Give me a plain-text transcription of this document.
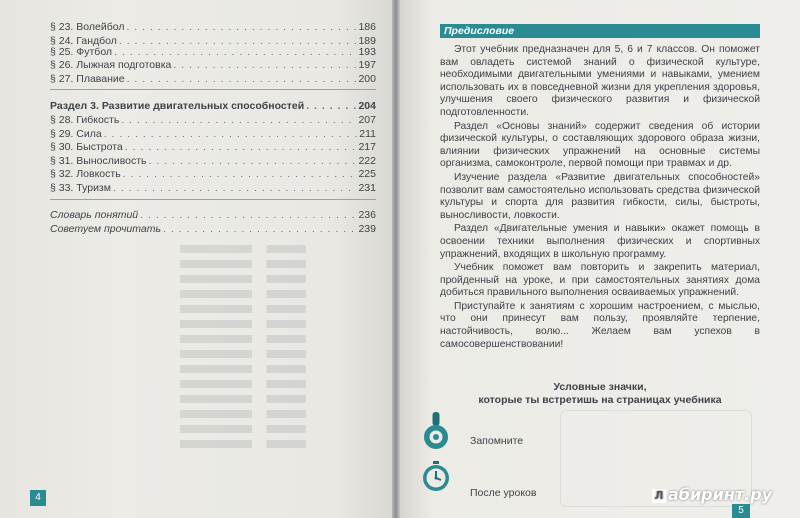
§ 23. Волейбол . . .	186
§ 24. Гандбол . . .	189
§ 25. Футбол . . .	193
§ 26. Лыжная подготовка . . .	197
§ 27. Плавание . . .	200
Раздел 3. Развитие двигательных способностей . . .	204
§ 28. Гибкость . . .	207
§ 29. Сила . . .	211
§ 30. Быстрота . . .	217
§ 31. Выносливость . . .	222
§ 32. Ловкость . . .	225
§ 33. Туризм . . .	231
Словарь понятий . . .	236
Советуем прочитать . . .	239
4
Предисловие

Этот учебник предназначен для 5, 6 и 7 классов. Он поможет вам овладеть системой знаний о физической культуре, необходимыми двигательными умениями и навыками, умением использовать их в повседневной жизни для укрепления здоровья, улучшения своего физического развития и физической подготовленности.

Раздел «Основы знаний» содержит сведения об истории физической культуры, о составляющих здорового образа жизни, влиянии физических упражнений на основные системы организма, самоконтроле, первой помощи при травмах и др.

Изучение раздела «Развитие двигательных способностей» позволит вам самостоятельно использовать средства физической культуры и спорта для развития гибкости, силы, быстроты, выносливости, ловкости.

Раздел «Двигательные умения и навыки» окажет помощь в освоении техники выполнения физических и спортивных упражнений, входящих в школьную программу.

Учебник поможет вам повторить и закрепить материал, пройденный на уроке, и при самостоятельных занятиях дома добиться правильного выполнения осваиваемых упражнений.

Приступайте к занятиям с хорошим настроением, с мыслью, что они принесут вам пользу, проявляйте терпение, настойчивость, волю... Желаем вам успехов в самосовершенствовании!

Условные значки,
которые ты встретишь на страницах учебника
Запомните
После уроков	Л абиринт.ру
5
